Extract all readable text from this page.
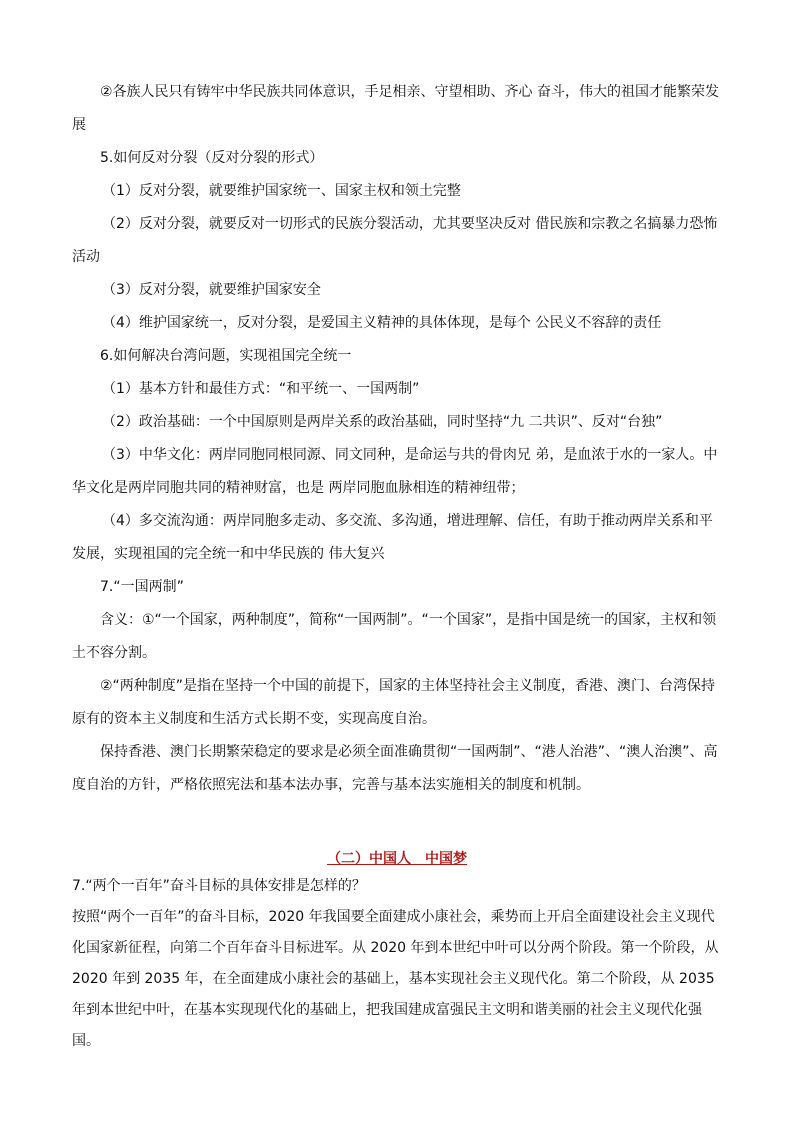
②各族人民只有铸牢中华民族共同体意识，手足相亲、守望相助、齐心 奋斗，伟大的祖国才能繁荣发展

5.如何反对分裂（反对分裂的形式）

（1）反对分裂，就要维护国家统一、国家主权和领土完整

（2）反对分裂，就要反对一切形式的民族分裂活动，尤其要坚决反对 借民族和宗教之名搞暴力恐怖活动

（3）反对分裂，就要维护国家安全

（4）维护国家统一，反对分裂，是爱国主义精神的具体体现，是每个 公民义不容辞的责任

6.如何解决台湾问题，实现祖国完全统一

（1）基本方针和最佳方式：“和平统一、一国两制”

（2）政治基础：一个中国原则是两岸关系的政治基础，同时坚持“九 二共识”、反对“台独”

（3）中华文化：两岸同胞同根同源、同文同种，是命运与共的骨肉兄 弟，是血浓于水的一家人。中华文化是两岸同胞共同的精神财富，也是 两岸同胞血脉相连的精神纽带；

（4）多交流沟通：两岸同胞多走动、多交流、多沟通，增进理解、信任，有助于推动两岸关系和平发展，实现祖国的完全统一和中华民族的 伟大复兴

7.“一国两制”

含义：①“一个国家，两种制度”，简称“一国两制”。“一个国家”，是指中国是统一的国家，主权和领土不容分割。

②“两种制度”是指在坚持一个中国的前提下，国家的主体坚持社会主义制度，香港、澳门、台湾保持原有的资本主义制度和生活方式长期不变，实现高度自治。

保持香港、澳门长期繁荣稳定的要求是必须全面准确贯彻“一国两制”、“港人治港”、“澳人治澳”、高度自治的方针，严格依照宪法和基本法办事，完善与基本法实施相关的制度和机制。

（二）中国人　中国梦

7.“两个一百年”奋斗目标的具体安排是怎样的？

按照“两个一百年”的奋斗目标，2020 年我国要全面建成小康社会，乘势而上开启全面建设社会主义现代化国家新征程，向第二个百年奋斗目标进军。从 2020 年到本世纪中叶可以分两个阶段。第一个阶段，从 2020 年到 2035 年，在全面建成小康社会的基础上，基本实现社会主义现代化。第二个阶段，从 2035 年到本世纪中叶，在基本实现现代化的基础上，把我国建成富强民主文明和谐美丽的社会主义现代化强国。
